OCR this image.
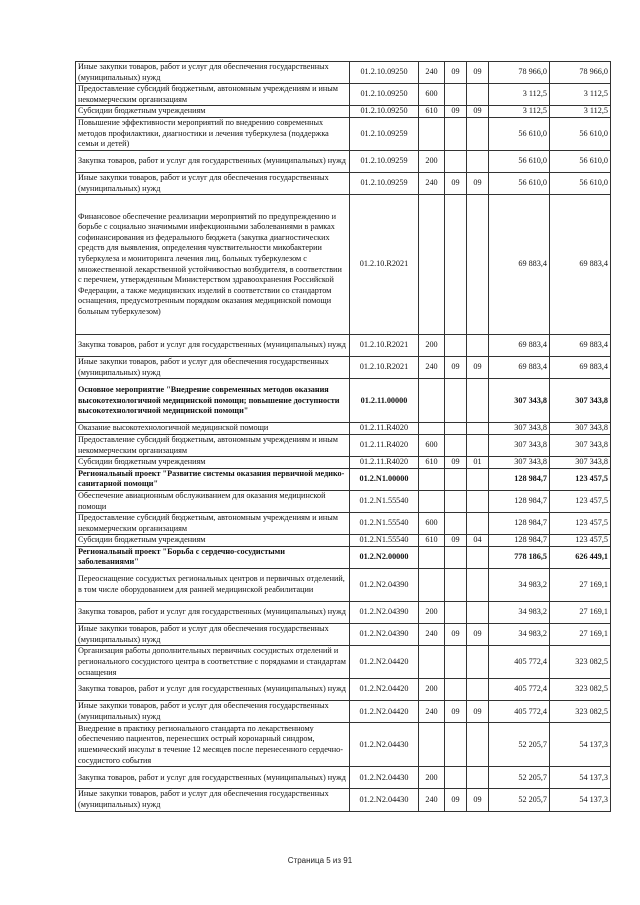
Иные закупки товаров, работ и услуг для обеспечения государственных (муниципальных) нужд	01.2.10.09250	240	09	09	78 966,0	78 966,0
Предоставление субсидий бюджетным, автономным учреждениям и иным некоммерческим организациям	01.2.10.09250	600			3 112,5	3 112,5
Субсидии бюджетным учреждениям	01.2.10.09250	610	09	09	3 112,5	3 112,5
Повышение эффективности мероприятий по внедрению современных методов профилактики, диагностики и лечения туберкулеза (поддержка семьи и детей)	01.2.10.09259				56 610,0	56 610,0
Закупка товаров, работ и услуг для государственных (муниципальных) нужд	01.2.10.09259	200			56 610,0	56 610,0
Иные закупки товаров, работ и услуг для обеспечения государственных (муниципальных) нужд	01.2.10.09259	240	09	09	56 610,0	56 610,0
Финансовое обеспечение реализации мероприятий по предупреждению и борьбе с социально значимыми инфекционными заболеваниями в рамках софинансирования из федерального бюджета (закупка диагностических средств для выявления, определения чувствительности микобактерии туберкулеза и мониторинга лечения лиц, больных туберкулезом с множественной лекарственной устойчивостью возбудителя, в соответствии с перечнем, утвержденным Министерством здравоохранения Российской Федерации, а также медицинских изделий в соответствии со стандартом оснащения, предусмотренным порядком оказания медицинской помощи больным туберкулезом)	01.2.10.R2021				69 883,4	69 883,4
Закупка товаров, работ и услуг для государственных (муниципальных) нужд	01.2.10.R2021	200			69 883,4	69 883,4
Иные закупки товаров, работ и услуг для обеспечения государственных (муниципальных) нужд	01.2.10.R2021	240	09	09	69 883,4	69 883,4
Основное мероприятие "Внедрение современных методов оказания высокотехнологичной медицинской помощи; повышение доступности высокотехнологичной медицинской помощи"	01.2.11.00000				307 343,8	307 343,8
Оказание высокотехнологичной медицинской помощи	01.2.11.R4020				307 343,8	307 343,8
Предоставление субсидий бюджетным, автономным учреждениям и иным некоммерческим организациям	01.2.11.R4020	600			307 343,8	307 343,8
Субсидии бюджетным учреждениям	01.2.11.R4020	610	09	01	307 343,8	307 343,8
Региональный проект "Развитие системы оказания первичной медико-санитарной помощи"	01.2.N1.00000				128 984,7	123 457,5
Обеспечение авиационным обслуживанием для оказания медицинской помощи	01.2.N1.55540				128 984,7	123 457,5
Предоставление субсидий бюджетным, автономным учреждениям и иным некоммерческим организациям	01.2.N1.55540	600			128 984,7	123 457,5
Субсидии бюджетным учреждениям	01.2.N1.55540	610	09	04	128 984,7	123 457,5
Региональный проект "Борьба с сердечно-сосудистыми заболеваниями"	01.2.N2.00000				778 186,5	626 449,1
Переоснащение сосудистых региональных центров и первичных отделений, в том числе оборудованием для ранней медицинской реабилитации	01.2.N2.04390				34 983,2	27 169,1
Закупка товаров, работ и услуг для государственных (муниципальных) нужд	01.2.N2.04390	200			34 983,2	27 169,1
Иные закупки товаров, работ и услуг для обеспечения государственных (муниципальных) нужд	01.2.N2.04390	240	09	09	34 983,2	27 169,1
Организация работы дополнительных первичных сосудистых отделений и регионального сосудистого центра в соответствие с порядками и стандартам оснащения	01.2.N2.04420				405 772,4	323 082,5
Закупка товаров, работ и услуг для государственных (муниципальных) нужд	01.2.N2.04420	200			405 772,4	323 082,5
Иные закупки товаров, работ и услуг для обеспечения государственных (муниципальных) нужд	01.2.N2.04420	240	09	09	405 772,4	323 082,5
Внедрение в практику регионального стандарта по лекарственному обеспечению пациентов, перенесших острый коронарный синдром, ишемический инсульт в течение 12 месяцев после перенесенного сердечно-сосудистого события	01.2.N2.04430				52 205,7	54 137,3
Закупка товаров, работ и услуг для государственных (муниципальных) нужд	01.2.N2.04430	200			52 205,7	54 137,3
Иные закупки товаров, работ и услуг для обеспечения государственных (муниципальных) нужд	01.2.N2.04430	240	09	09	52 205,7	54 137,3
Страница 5 из 91
